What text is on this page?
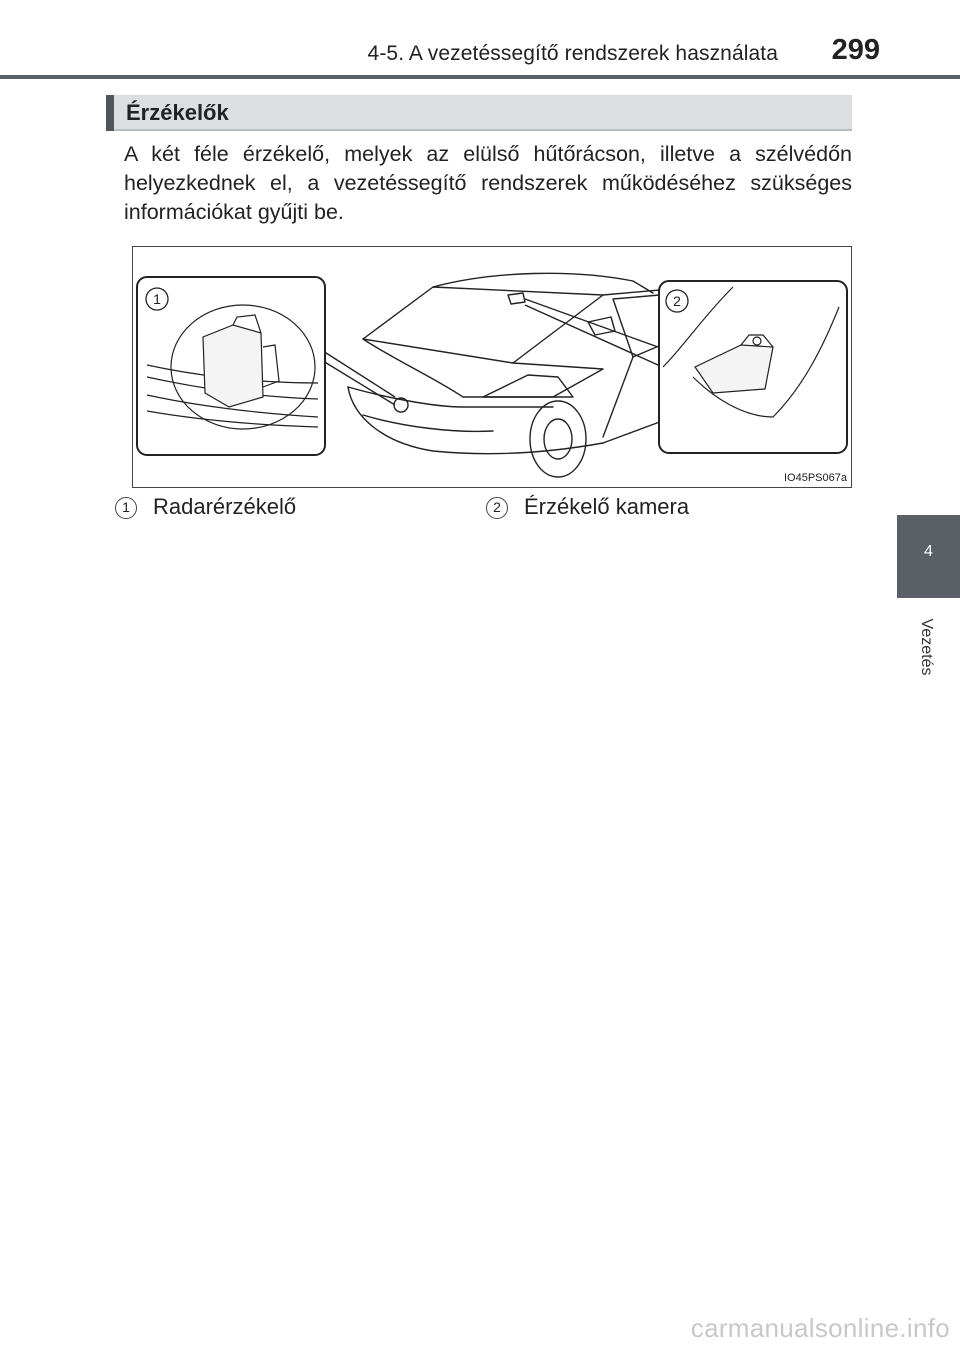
4-5. A vezetéssegítő rendszerek használata 299
Érzékelők

A két féle érzékelő, melyek az elülső hűtőrácson, illetve a szélvédőn helyezkednek el, a vezetéssegítő rendszerek működéséhez szükséges információkat gyűjti be.

1	2
IO45PS067a
1	Radarérzékelő	2	Érzékelő kamera
4
Vezetés
carmanualsonline.info
